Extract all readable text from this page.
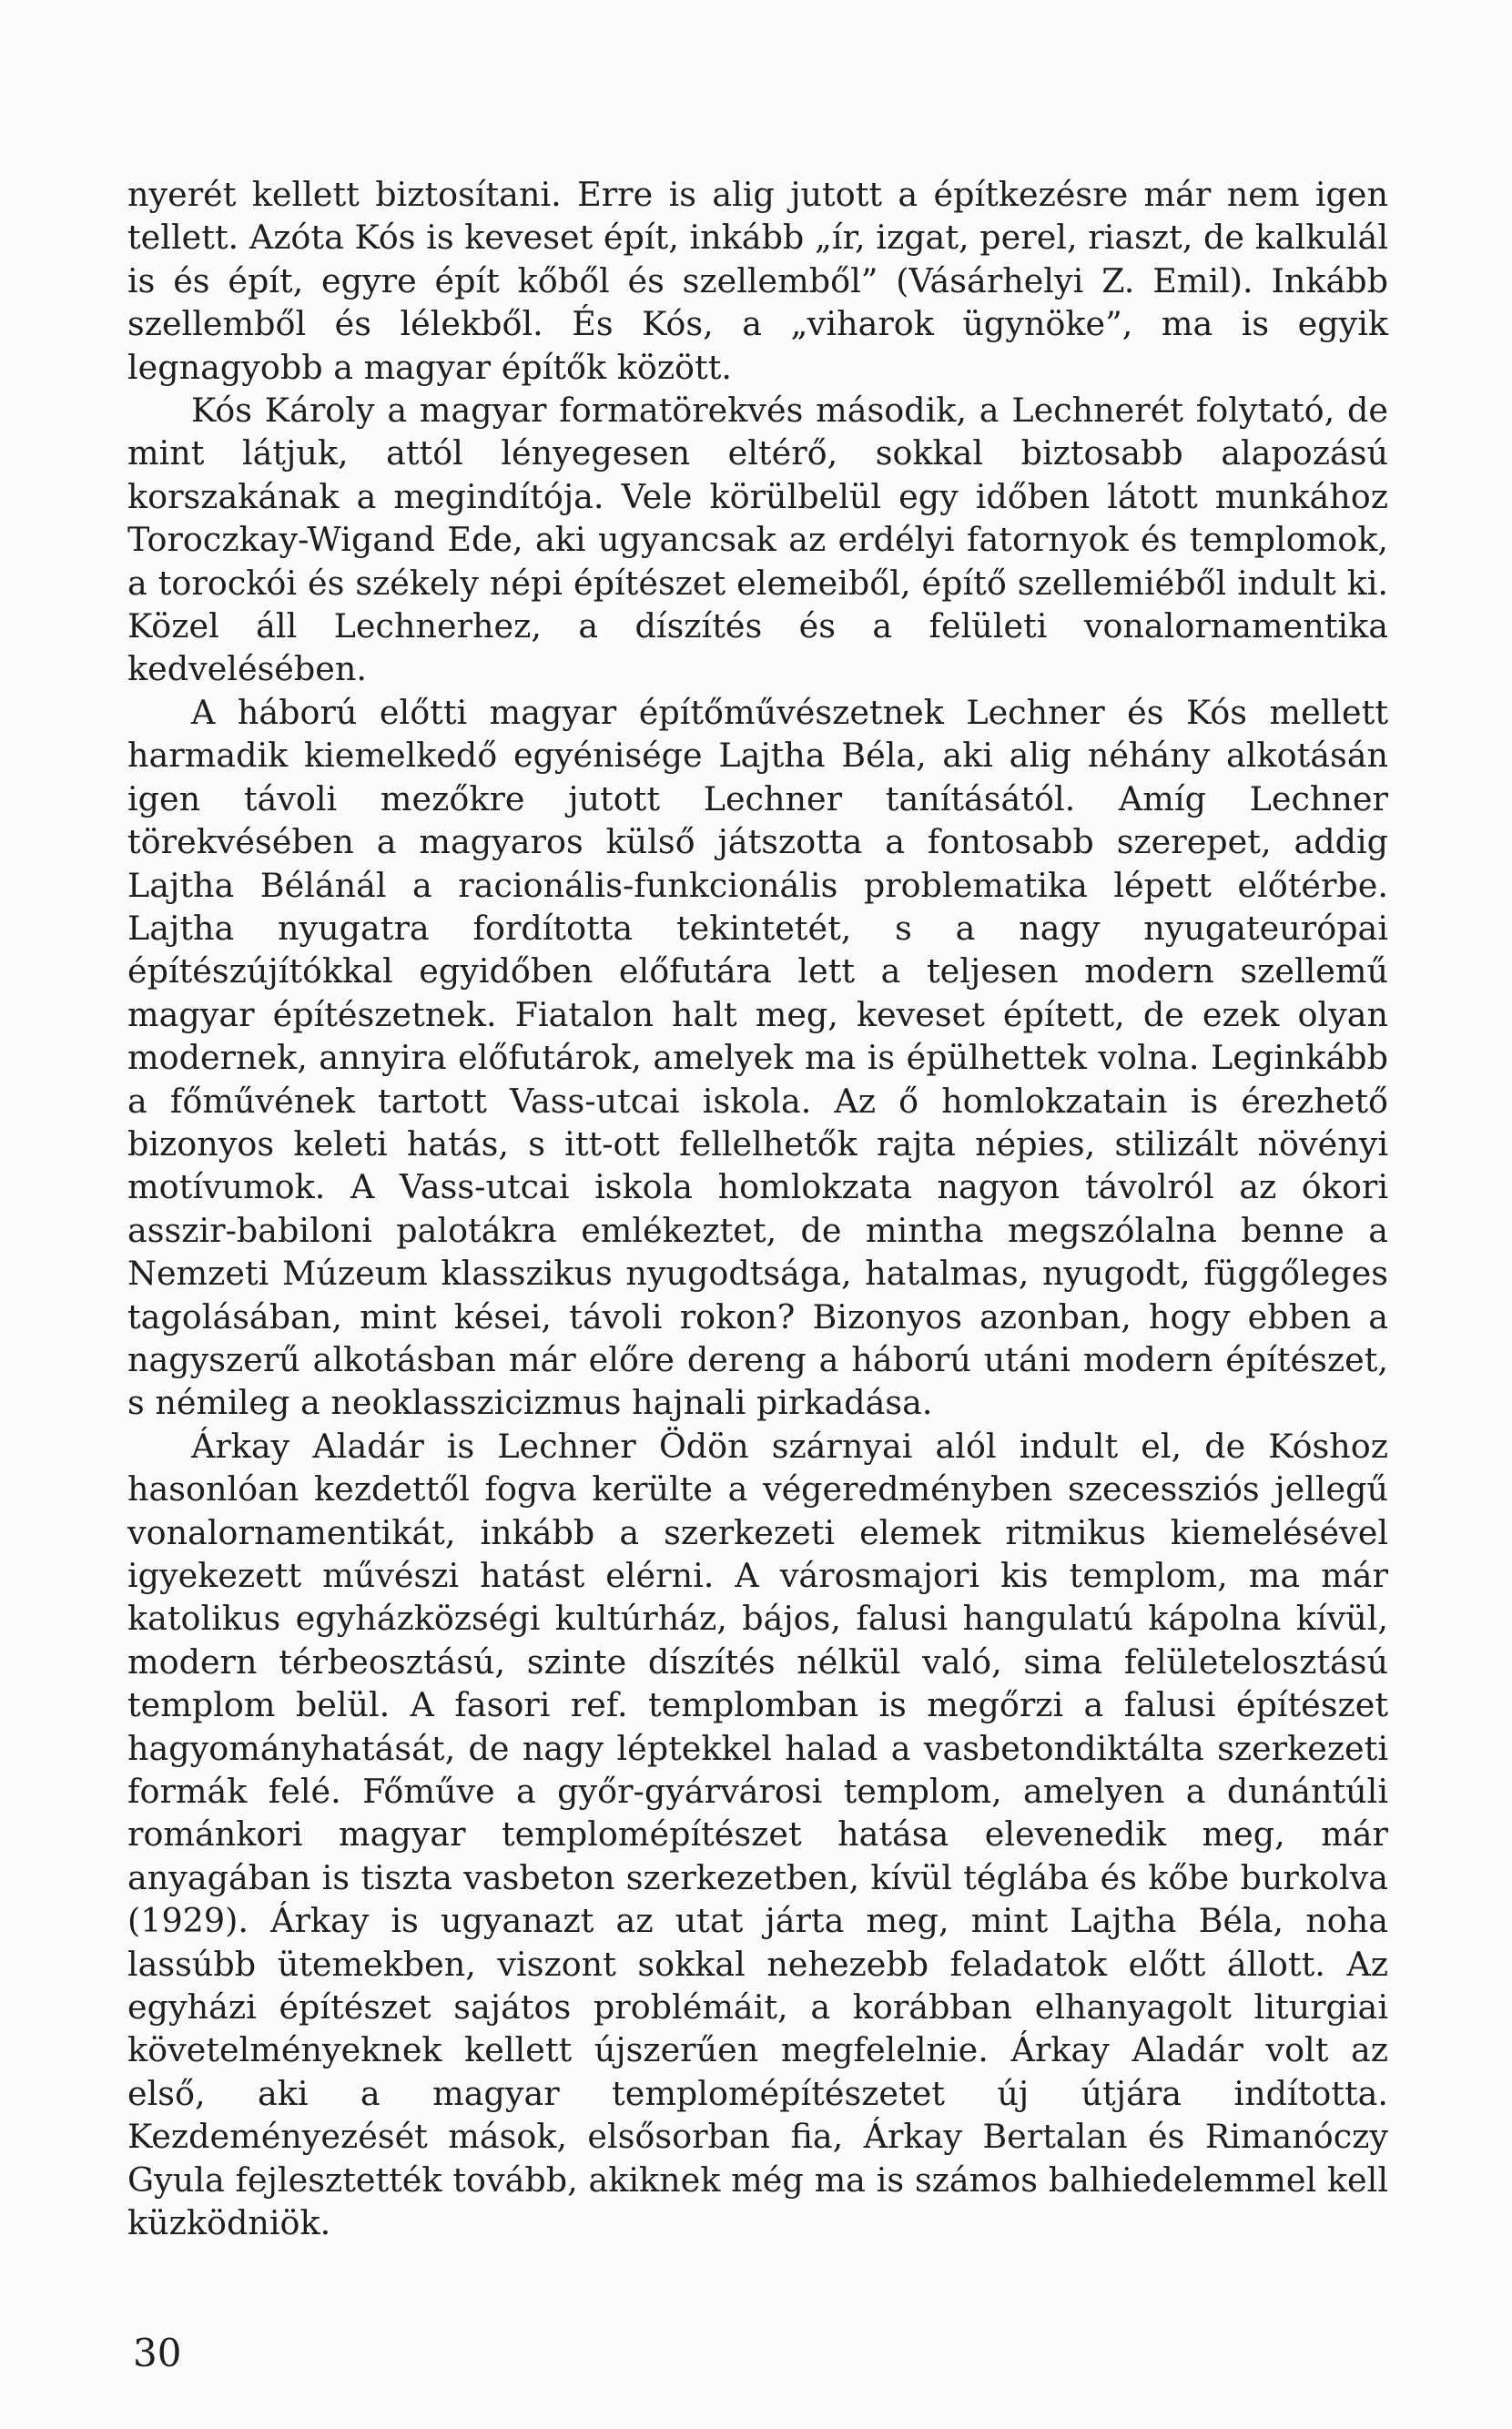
nyerét kellett biztosítani. Erre is alig jutott a építkezésre már nem igen tellett. Azóta Kós is keveset épít, inkább „ír, izgat, perel, riaszt, de kalkulál is és épít, egyre épít kőből és szellemből” (Vásárhelyi Z. Emil). Inkább szellemből és lélekből. És Kós, a „viharok ügynöke”, ma is egyik legnagyobb a magyar építők között.

Kós Károly a magyar formatörekvés második, a Lechnerét folytató, de mint látjuk, attól lényegesen eltérő, sokkal biztosabb alapozású korszakának a megindítója. Vele körülbelül egy időben látott munkához Toroczkay-Wigand Ede, aki ugyancsak az erdélyi fatornyok és templomok, a torockói és székely népi építészet elemeiből, építő szellemiéből indult ki. Közel áll Lechnerhez, a díszítés és a felületi vonalornamentika kedvelésében.

A háború előtti magyar építőművészetnek Lechner és Kós mellett harmadik kiemelkedő egyénisége Lajtha Béla, aki alig néhány alkotásán igen távoli mezőkre jutott Lechner tanításától. Amíg Lechner törekvésében a magyaros külső játszotta a fontosabb szerepet, addig Lajtha Bélánál a racionális-funkcionális problematika lépett előtérbe. Lajtha nyugatra fordította tekintetét, s a nagy nyugateurópai építészújítókkal egyidőben előfutára lett a teljesen modern szellemű magyar építészetnek. Fiatalon halt meg, keveset épített, de ezek olyan modernek, annyira előfutárok, amelyek ma is épülhettek volna. Leginkább a főművének tartott Vass-utcai iskola. Az ő homlokzatain is érezhető bizonyos keleti hatás, s itt-ott fellelhetők rajta népies, stilizált növényi motívumok. A Vass-utcai iskola homlokzata nagyon távolról az ókori asszir-babiloni palotákra emlékeztet, de mintha megszólalna benne a Nemzeti Múzeum klasszikus nyugodtsága, hatalmas, nyugodt, függőleges tagolásában, mint kései, távoli rokon? Bizonyos azonban, hogy ebben a nagyszerű alkotásban már előre dereng a háború utáni modern építészet, s némileg a neoklasszicizmus hajnali pirkadása.

Árkay Aladár is Lechner Ödön szárnyai alól indult el, de Kóshoz hasonlóan kezdettől fogva kerülte a végeredményben szecessziós jellegű vonalornamentikát, inkább a szerkezeti elemek ritmikus kiemelésével igyekezett művészi hatást elérni. A városmajori kis templom, ma már katolikus egyházközségi kultúrház, bájos, falusi hangulatú kápolna kívül, modern térbeosztású, szinte díszítés nélkül való, sima felületelosztású templom belül. A fasori ref. templomban is megőrzi a falusi építészet hagyományhatását, de nagy léptekkel halad a vasbetondiktálta szerkezeti formák felé. Főműve a győr-gyárvárosi templom, amelyen a dunántúli románkori magyar templomépítészet hatása elevenedik meg, már anyagában is tiszta vasbeton szerkezetben, kívül téglába és kőbe burkolva (1929). Árkay is ugyanazt az utat járta meg, mint Lajtha Béla, noha lassúbb ütemekben, viszont sokkal nehezebb feladatok előtt állott. Az egyházi építészet sajátos problémáit, a korábban elhanyagolt liturgiai követelményeknek kellett újszerűen megfelelnie. Árkay Aladár volt az első, aki a magyar templomépítészetet új útjára indította. Kezdeményezését mások, elsősorban fia, Árkay Bertalan és Rimanóczy Gyula fejlesztették tovább, akiknek még ma is számos balhiedelemmel kell küzködniök.

30
